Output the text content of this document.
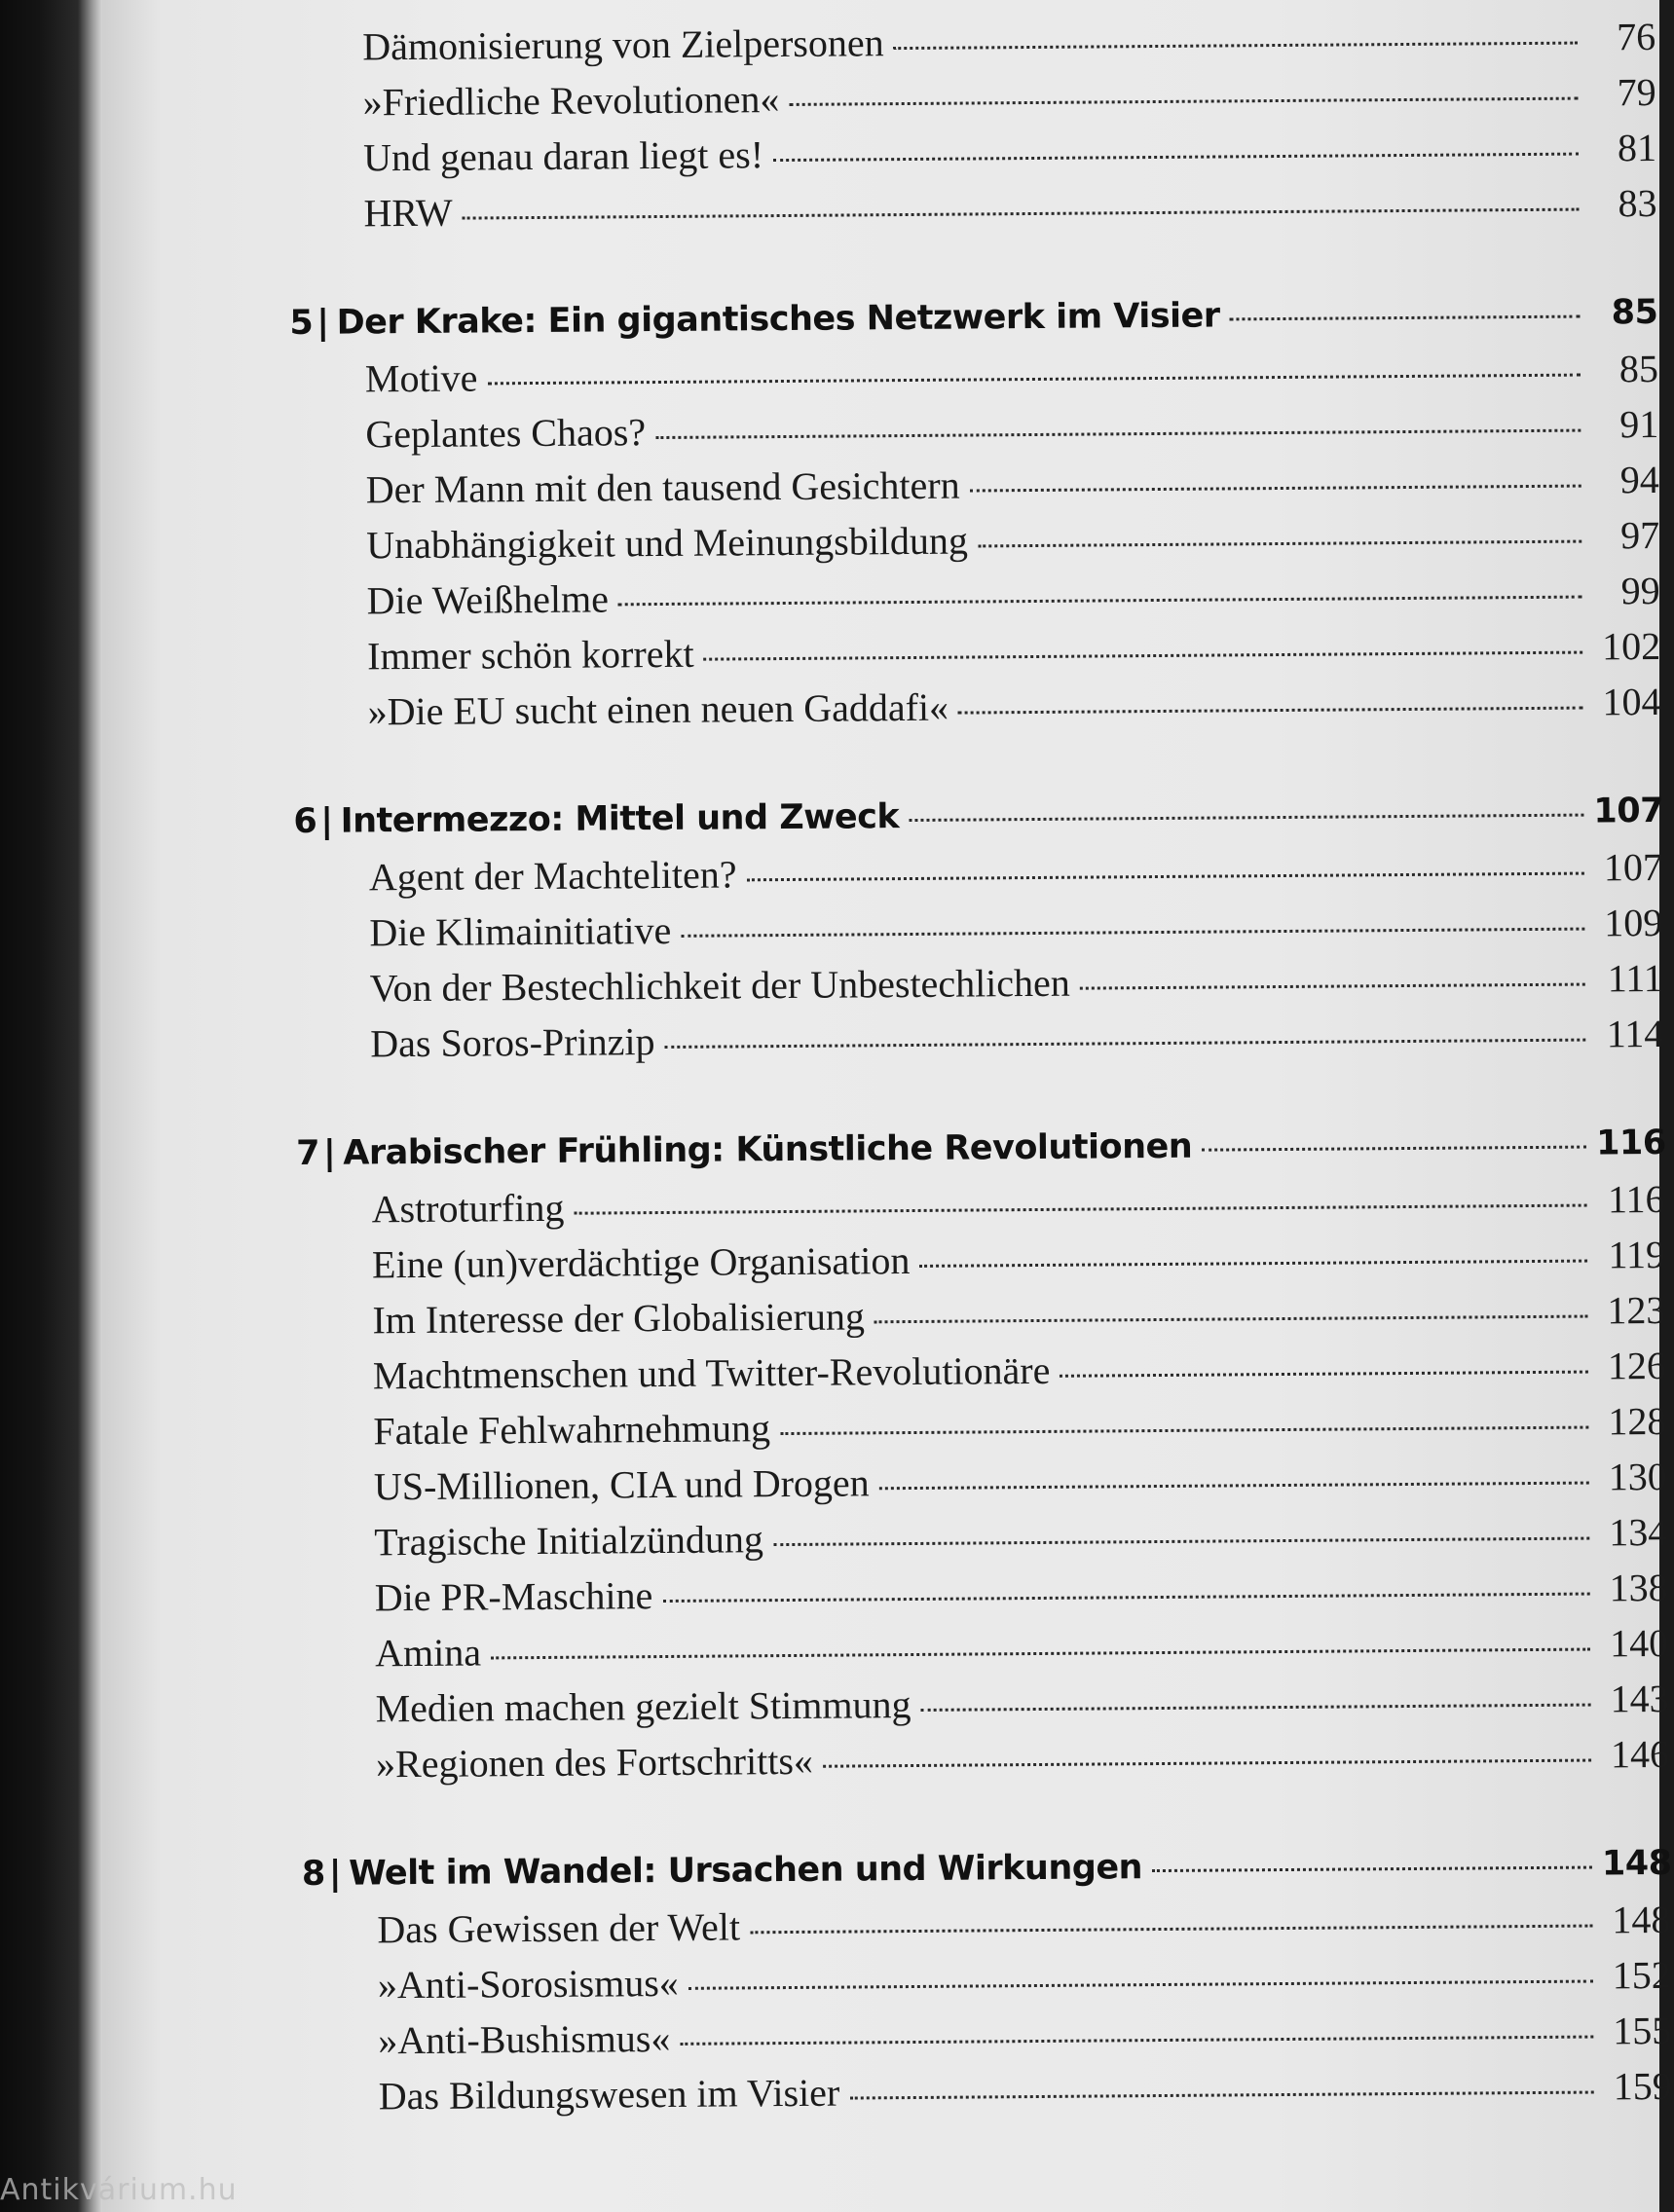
Dämonisierung von Zielpersonen	76
»Friedliche Revolutionen«	79
Und genau daran liegt es!	81
HRW	83
5 | Der Krake: Ein gigantisches Netzwerk im Visier	85
Motive	85
Geplantes Chaos?	91
Der Mann mit den tausend Gesichtern	94
Unabhängigkeit und Meinungsbildung	97
Die Weißhelme	99
Immer schön korrekt	102
»Die EU sucht einen neuen Gaddafi«	104
6 | Intermezzo: Mittel und Zweck	107
Agent der Machteliten?	107
Die Klimainitiative	109
Von der Bestechlichkeit der Unbestechlichen	111
Das Soros-Prinzip	114
7 | Arabischer Frühling: Künstliche Revolutionen	116
Astroturfing	116
Eine (un)verdächtige Organisation	119
Im Interesse der Globalisierung	123
Machtmenschen und Twitter-Revolutionäre	126
Fatale Fehlwahrnehmung	128
US-Millionen, CIA und Drogen	130
Tragische Initialzündung	134
Die PR-Maschine	138
Amina	140
Medien machen gezielt Stimmung	143
»Regionen des Fortschritts«	146
8 | Welt im Wandel: Ursachen und Wirkungen	148
Das Gewissen der Welt	148
»Anti-Sorosismus«	152
»Anti-Bushismus«	155
Das Bildungswesen im Visier	159
Antikvárium.hu
